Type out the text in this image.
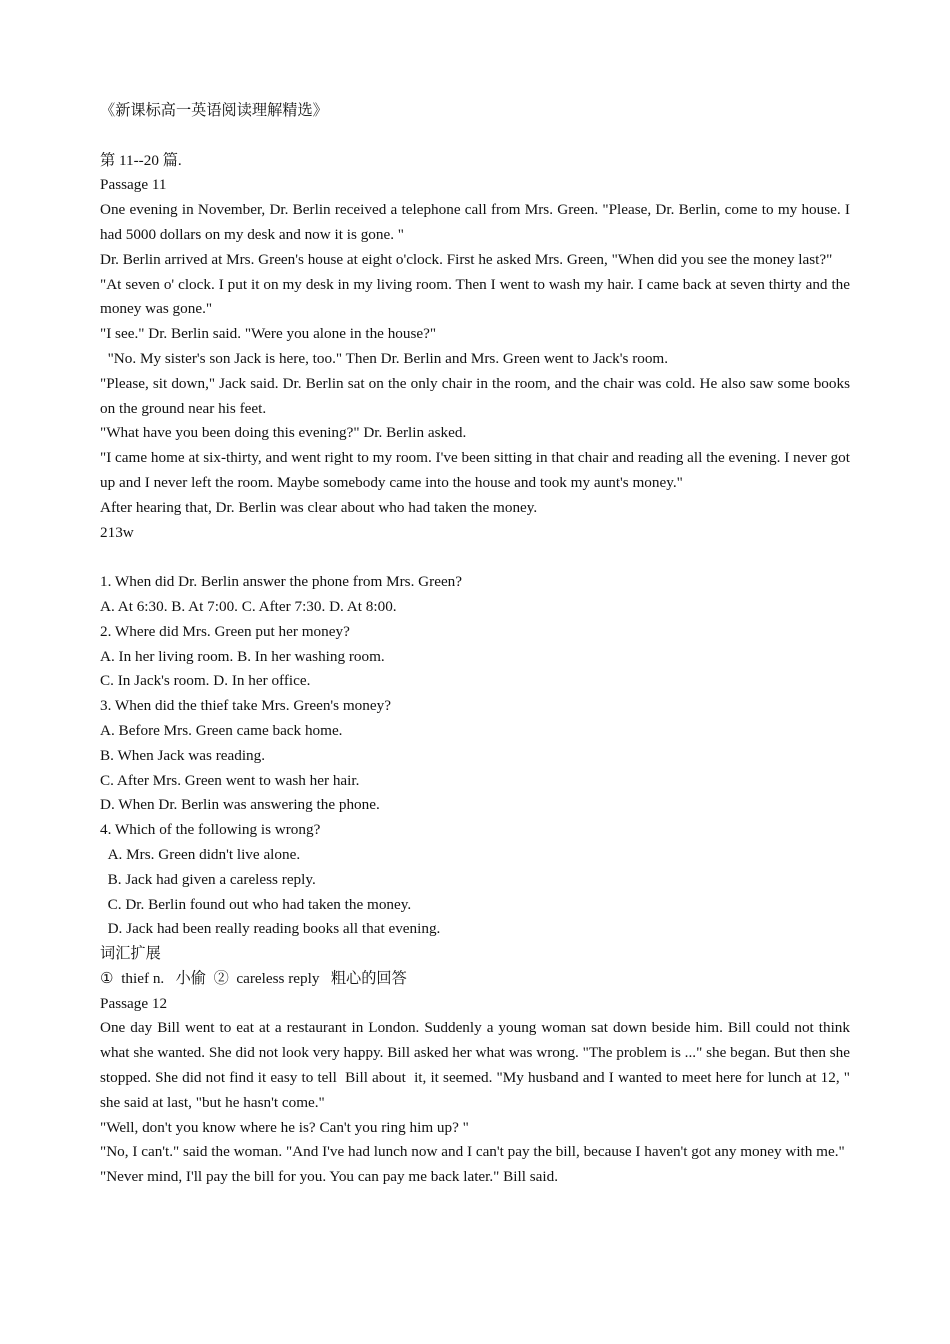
《新课标高一英语阅读理解精选》
第 11--20 篇.
Passage 11
One evening in November, Dr. Berlin received a telephone call from Mrs. Green. "Please, Dr. Berlin, come to my house. I had 5000 dollars on my desk and now it is gone. "
Dr. Berlin arrived at Mrs. Green's house at eight o'clock. First he asked Mrs. Green, "When did you see the money last?"
"At seven o' clock. I put it on my desk in my living room. Then I went to wash my hair. I came back at seven thirty and the money was gone."
"I see." Dr. Berlin said. "Were you alone in the house?"
"No. My sister's son Jack is here, too." Then Dr. Berlin and Mrs. Green went to Jack's room.
"Please, sit down," Jack said. Dr. Berlin sat on the only chair in the room, and the chair was cold. He also saw some books on the ground near his feet.
"What have you been doing this evening?" Dr. Berlin asked.
"I came home at six-thirty, and went right to my room. I've been sitting in that chair and reading all the evening. I never got up and I never left the room. Maybe somebody came into the house and took my aunt's money."
After hearing that, Dr. Berlin was clear about who had taken the money.
213w
1. When did Dr. Berlin answer the phone from Mrs. Green?
A. At 6:30. B. At 7:00. C. After 7:30. D. At 8:00.
2. Where did Mrs. Green put her money?
A. In her living room. B. In her washing room.
C. In Jack's room. D. In her office.
3. When did the thief take Mrs. Green's money?
A. Before Mrs. Green came back home.
B. When Jack was reading.
C. After Mrs. Green went to wash her hair.
D. When Dr. Berlin was answering the phone.
4. Which of the following is wrong?
A. Mrs. Green didn't live alone.
B. Jack had given a careless reply.
C. Dr. Berlin found out who had taken the money.
D. Jack had been really reading books all that evening.
词汇扩展
①  thief n.   小偷  ②  careless reply   粗心的回答
Passage 12
One day Bill went to eat at a restaurant in London. Suddenly a young woman sat down beside him. Bill could not think what she wanted. She did not look very happy. Bill asked her what was wrong. "The problem is ..." she began. But then she stopped. She did not find it easy to tell  Bill about  it, it seemed. "My husband and I wanted to meet here for lunch at 12, " she said at last, "but he hasn't come."
"Well, don't you know where he is? Can't you ring him up? "
"No, I can't." said the woman. "And I've had lunch now and I can't pay the bill, because I haven't got any money with me."
"Never mind, I'll pay the bill for you. You can pay me back later." Bill said.
